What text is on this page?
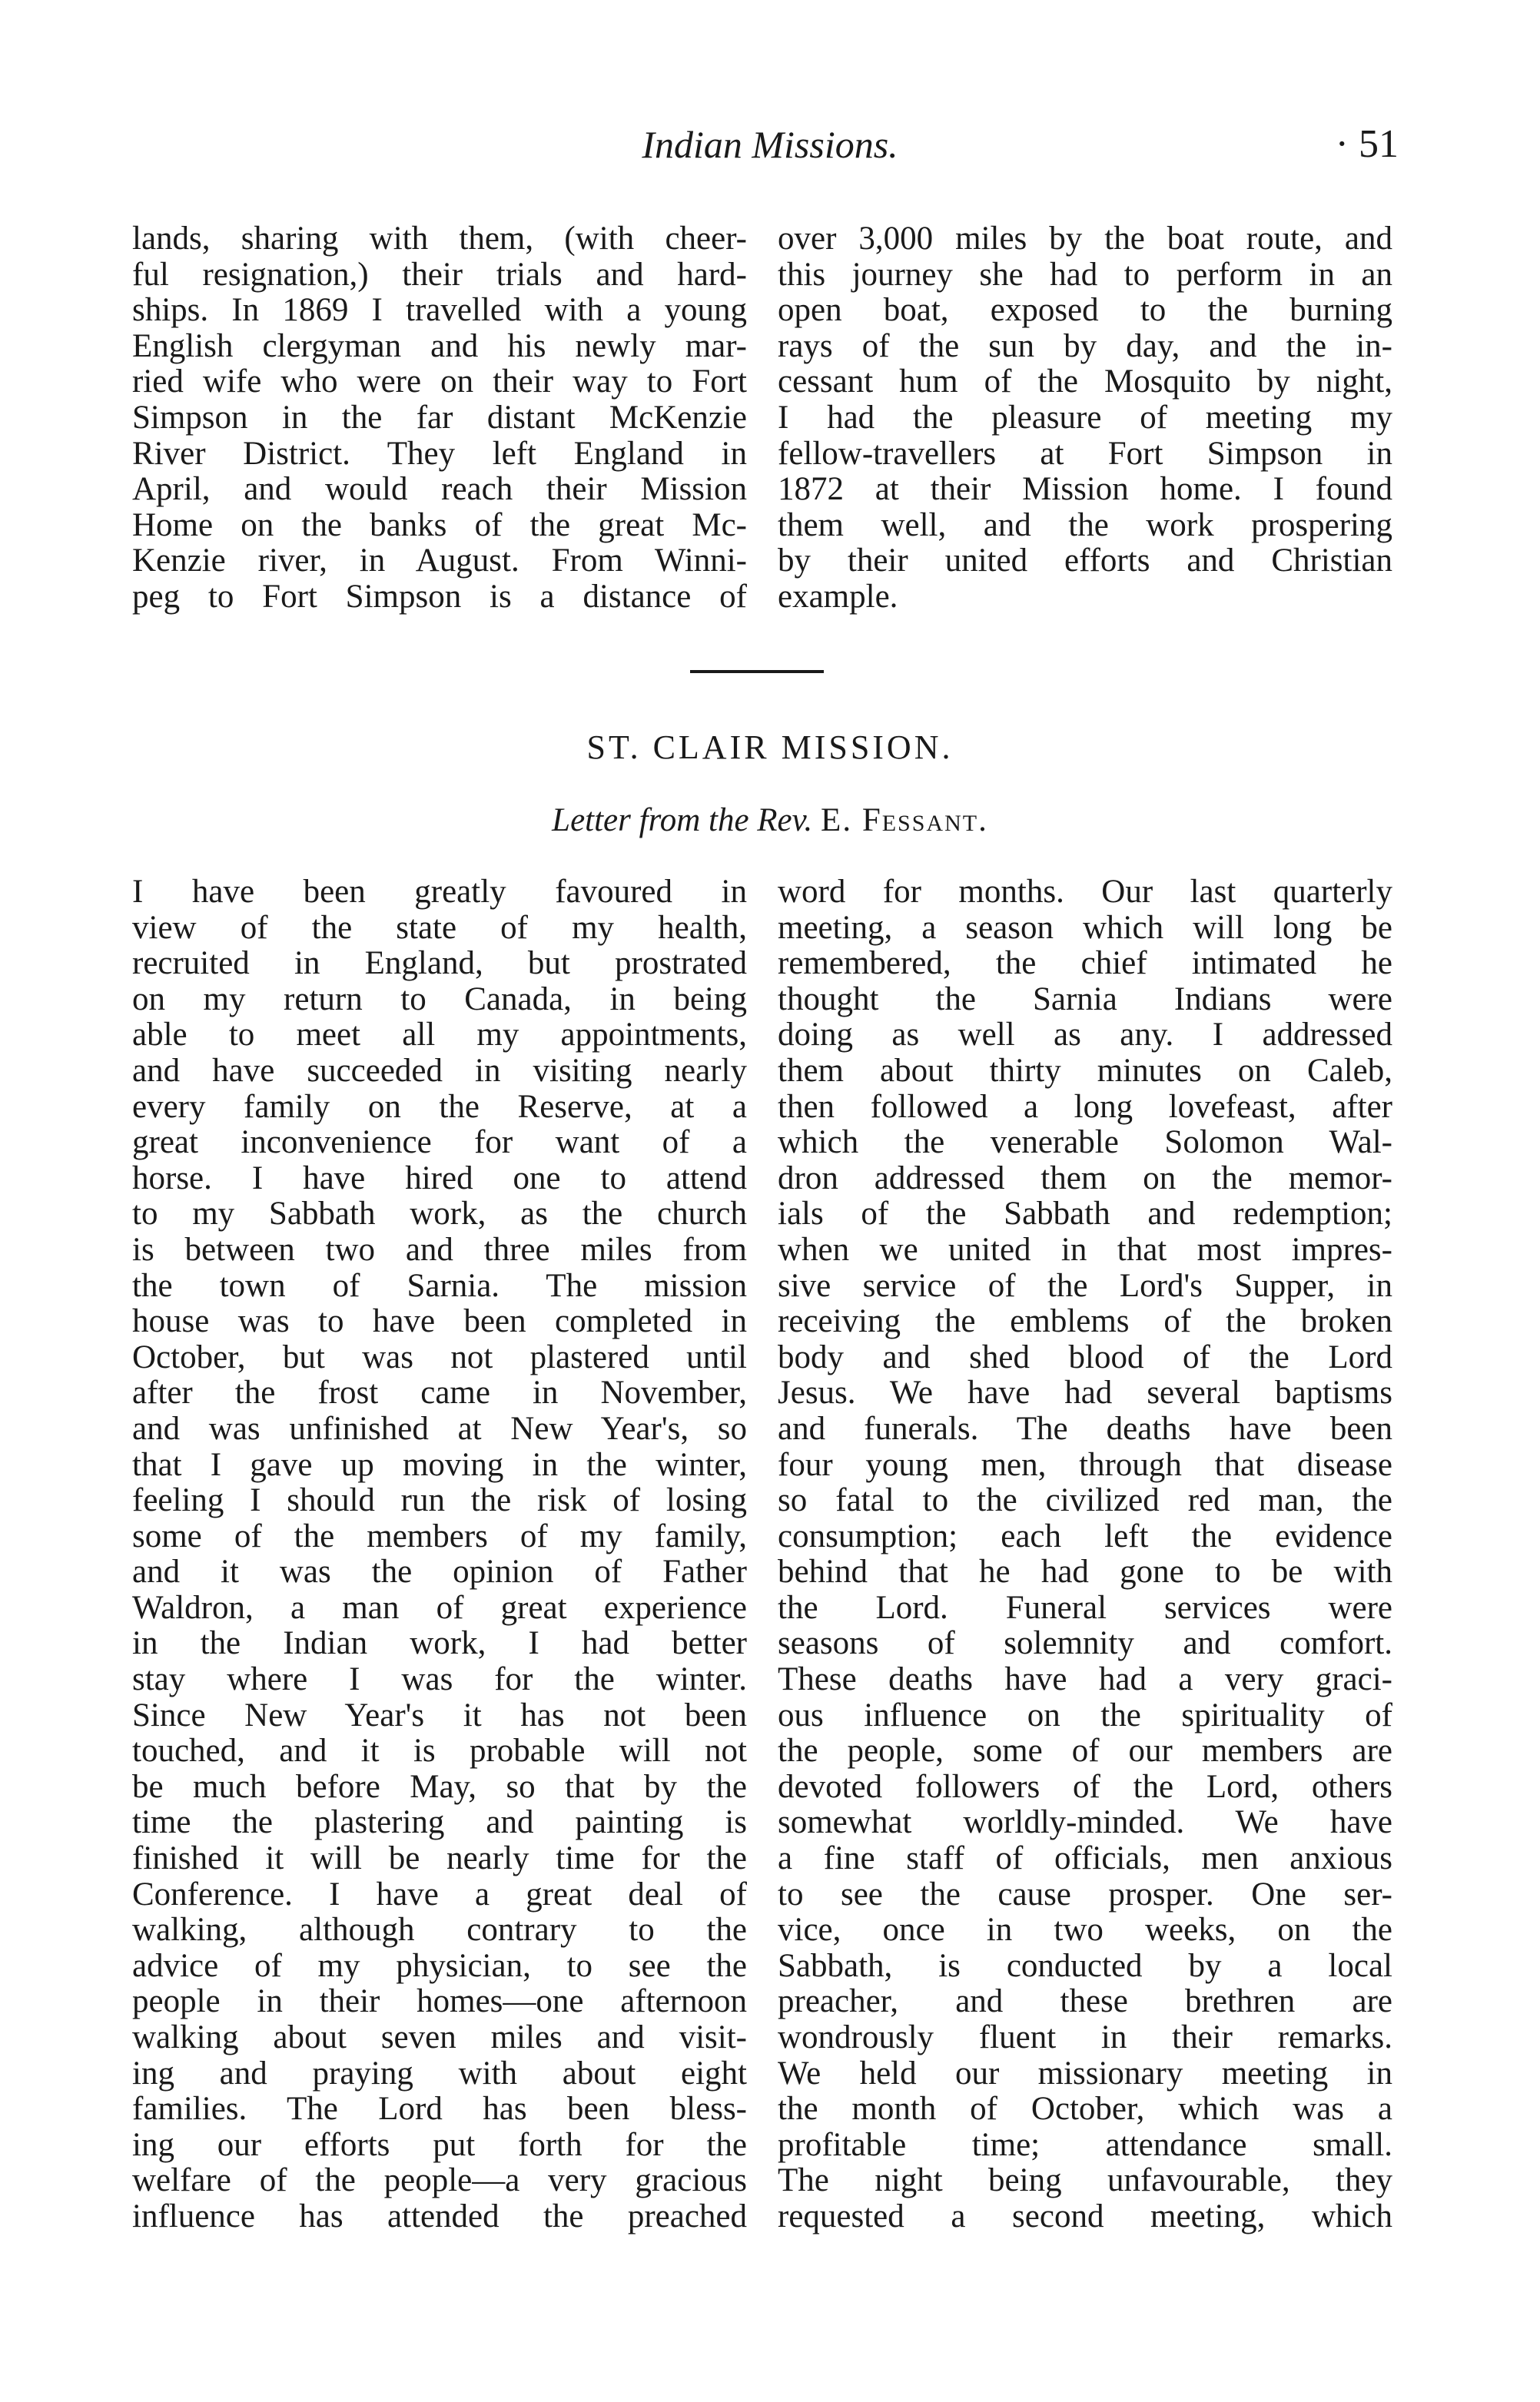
Indian Missions.	· 51

lands, sharing with them, (with cheer-

ful resignation,) their trials and hard-

ships. In 1869 I travelled with a young

English clergyman and his newly mar-

ried wife who were on their way to Fort

Simpson in the far distant McKenzie

River District. They left England in

April, and would reach their Mission

Home on the banks of the great Mc-

Kenzie river, in August. From Winni-

peg to Fort Simpson is a distance of

over 3,000 miles by the boat route, and

this journey she had to perform in an

open boat, exposed to the burning

rays of the sun by day, and the in-

cessant hum of the Mosquito by night,

I had the pleasure of meeting my

fellow-travellers at Fort Simpson in

1872 at their Mission home. I found

them well, and the work prospering

by their united efforts and Christian

example.

ST. CLAIR MISSION.
Letter from the Rev. E. Fessant.

I have been greatly favoured in

view of the state of my health,

recruited in England, but prostrated

on my return to Canada, in being

able to meet all my appointments,

and have succeeded in visiting nearly

every family on the Reserve, at a

great inconvenience for want of a

horse. I have hired one to attend

to my Sabbath work, as the church

is between two and three miles from

the town of Sarnia. The mission

house was to have been completed in

October, but was not plastered until

after the frost came in November,

and was unfinished at New Year's, so

that I gave up moving in the winter,

feeling I should run the risk of losing

some of the members of my family,

and it was the opinion of Father

Waldron, a man of great experience

in the Indian work, I had better

stay where I was for the winter.

Since New Year's it has not been

touched, and it is probable will not

be much before May, so that by the

time the plastering and painting is

finished it will be nearly time for the

Conference. I have a great deal of

walking, although contrary to the

advice of my physician, to see the

people in their homes—one afternoon

walking about seven miles and visit-

ing and praying with about eight

families. The Lord has been bless-

ing our efforts put forth for the

welfare of the people—a very gracious

influence has attended the preached

word for months. Our last quarterly

meeting, a season which will long be

remembered, the chief intimated he

thought the Sarnia Indians were

doing as well as any. I addressed

them about thirty minutes on Caleb,

then followed a long lovefeast, after

which the venerable Solomon Wal-

dron addressed them on the memor-

ials of the Sabbath and redemption;

when we united in that most impres-

sive service of the Lord's Supper, in

receiving the emblems of the broken

body and shed blood of the Lord

Jesus. We have had several baptisms

and funerals. The deaths have been

four young men, through that disease

so fatal to the civilized red man, the

consumption; each left the evidence

behind that he had gone to be with

the Lord. Funeral services were

seasons of solemnity and comfort.

These deaths have had a very graci-

ous influence on the spirituality of

the people, some of our members are

devoted followers of the Lord, others

somewhat worldly-minded. We have

a fine staff of officials, men anxious

to see the cause prosper. One ser-

vice, once in two weeks, on the

Sabbath, is conducted by a local

preacher, and these brethren are

wondrously fluent in their remarks.

We held our missionary meeting in

the month of October, which was a

profitable time; attendance small.

The night being unfavourable, they

requested a second meeting, which
